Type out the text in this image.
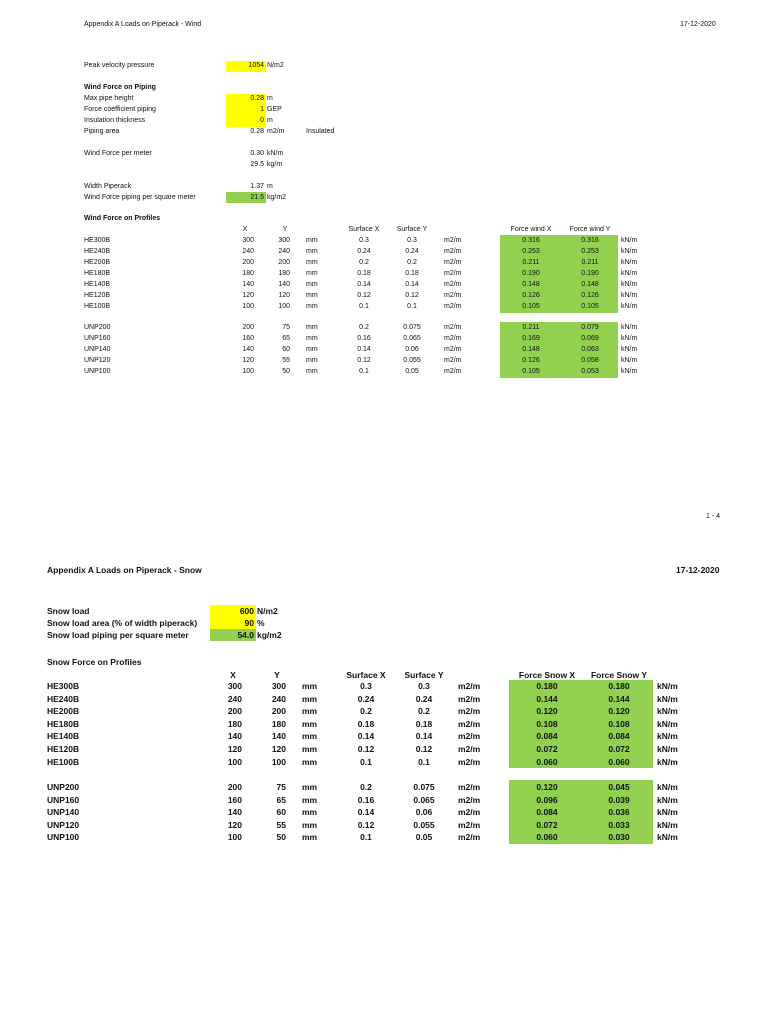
Appendix A Loads on Piperack - Wind	17-12-2020
Peak velocity pressure	1054 N/m2
Wind Force on Piping
Max pipe height	0.28 m
Force coefficient piping	1 GEP
Insulation thickness	0 m
Piping area	0.28 m2/m	Insulated
Wind Force per meter	0.30 kN/m
29.5 kg/m
Width Piperack	1.37 m
Wind Force piping per square meter	21.5 kg/m2
Wind Force on Profiles
X	Y	Surface X	Surface Y	Force wind X	Force wind Y
HE300B	300	300 mm	0.3	0.3	m2/m	0.316	0.316	kN/m
HE240B	240	240 mm	0.24	0.24	m2/m	0.253	0.253	kN/m
HE200B	200	200 mm	0.2	0.2	m2/m	0.211	0.211	kN/m
HE180B	180	180 mm	0.18	0.18	m2/m	0.190	0.190	kN/m
HE140B	140	140 mm	0.14	0.14	m2/m	0.148	0.148	kN/m
HE120B	120	120 mm	0.12	0.12	m2/m	0.126	0.126	kN/m
HE100B	100	100 mm	0.1	0.1	m2/m	0.105	0.105	kN/m
UNP200	200	75 mm	0.2	0.075	m2/m	0.211	0.079	kN/m
UNP160	160	65 mm	0.16	0.065	m2/m	0.169	0.069	kN/m
UNP140	140	60 mm	0.14	0.06	m2/m	0.148	0.063	kN/m
UNP120	120	55 mm	0.12	0.055	m2/m	0.126	0.058	kN/m
UNP100	100	50 mm	0.1	0.05	m2/m	0.105	0.053	kN/m
1 - 4
Appendix A Loads on Piperack - Snow	17-12-2020
Snow load	600 N/m2
Snow load area (% of width piperack)	90 %
Snow load piping per square meter	54.0 kg/m2
Snow Force on Profiles
X	Y	Surface X	Surface Y	Force Snow X	Force Snow Y
HE300B	300	300 mm	0.3	0.3	m2/m	0.180	0.180	kN/m
HE240B	240	240 mm	0.24	0.24	m2/m	0.144	0.144	kN/m
HE200B	200	200 mm	0.2	0.2	m2/m	0.120	0.120	kN/m
HE180B	180	180 mm	0.18	0.18	m2/m	0.108	0.108	kN/m
HE140B	140	140 mm	0.14	0.14	m2/m	0.084	0.084	kN/m
HE120B	120	120 mm	0.12	0.12	m2/m	0.072	0.072	kN/m
HE100B	100	100 mm	0.1	0.1	m2/m	0.060	0.060	kN/m
UNP200	200	75 mm	0.2	0.075	m2/m	0.120	0.045	kN/m
UNP160	160	65 mm	0.16	0.065	m2/m	0.096	0.039	kN/m
UNP140	140	60 mm	0.14	0.06	m2/m	0.084	0.036	kN/m
UNP120	120	55 mm	0.12	0.055	m2/m	0.072	0.033	kN/m
UNP100	100	50 mm	0.1	0.05	m2/m	0.060	0.030	kN/m
